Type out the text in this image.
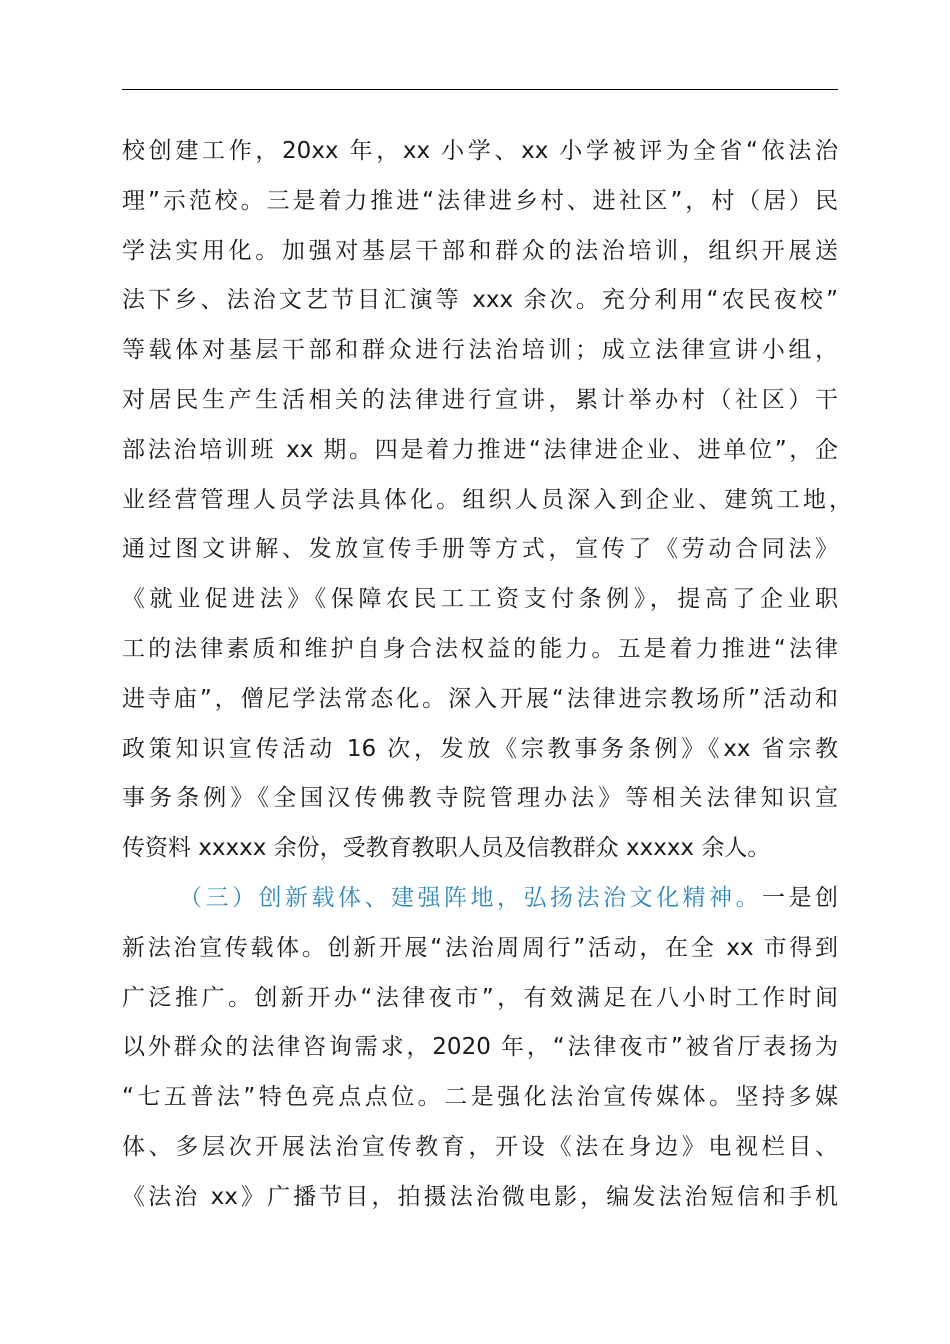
校创建工作，20xx 年，xx 小学、xx 小学被评为全省“依法治
理”示范校。三是着力推进“法律进乡村、进社区”，村（居）民
学法实用化。加强对基层干部和群众的法治培训，组织开展送
法下乡、法治文艺节目汇演等 xxx 余次。充分利用“农民夜校”
等载体对基层干部和群众进行法治培训；成立法律宣讲小组，
对居民生产生活相关的法律进行宣讲，累计举办村（社区）干
部法治培训班 xx 期。四是着力推进“法律进企业、进单位”，企
业经营管理人员学法具体化。组织人员深入到企业、建筑工地，
通过图文讲解、发放宣传手册等方式，宣传了《劳动合同法》
《就业促进法》《保障农民工工资支付条例》，提高了企业职
工的法律素质和维护自身合法权益的能力。五是着力推进“法律
进寺庙”，僧尼学法常态化。深入开展“法律进宗教场所”活动和
政策知识宣传活动 16 次，发放《宗教事务条例》《xx 省宗教
事务条例》《全国汉传佛教寺院管理办法》等相关法律知识宣
传资料 xxxxx 余份，受教育教职人员及信教群众 xxxxx 余人。
（三）创新载体、建强阵地，弘扬法治文化精神。一是创
新法治宣传载体。创新开展“法治周周行”活动，在全 xx 市得到
广泛推广。创新开办“法律夜市”，有效满足在八小时工作时间
以外群众的法律咨询需求，2020 年，“法律夜市”被省厅表扬为
“七五普法”特色亮点点位。二是强化法治宣传媒体。坚持多媒
体、多层次开展法治宣传教育，开设《法在身边》电视栏目、
《法治 xx》广播节目，拍摄法治微电影，编发法治短信和手机
